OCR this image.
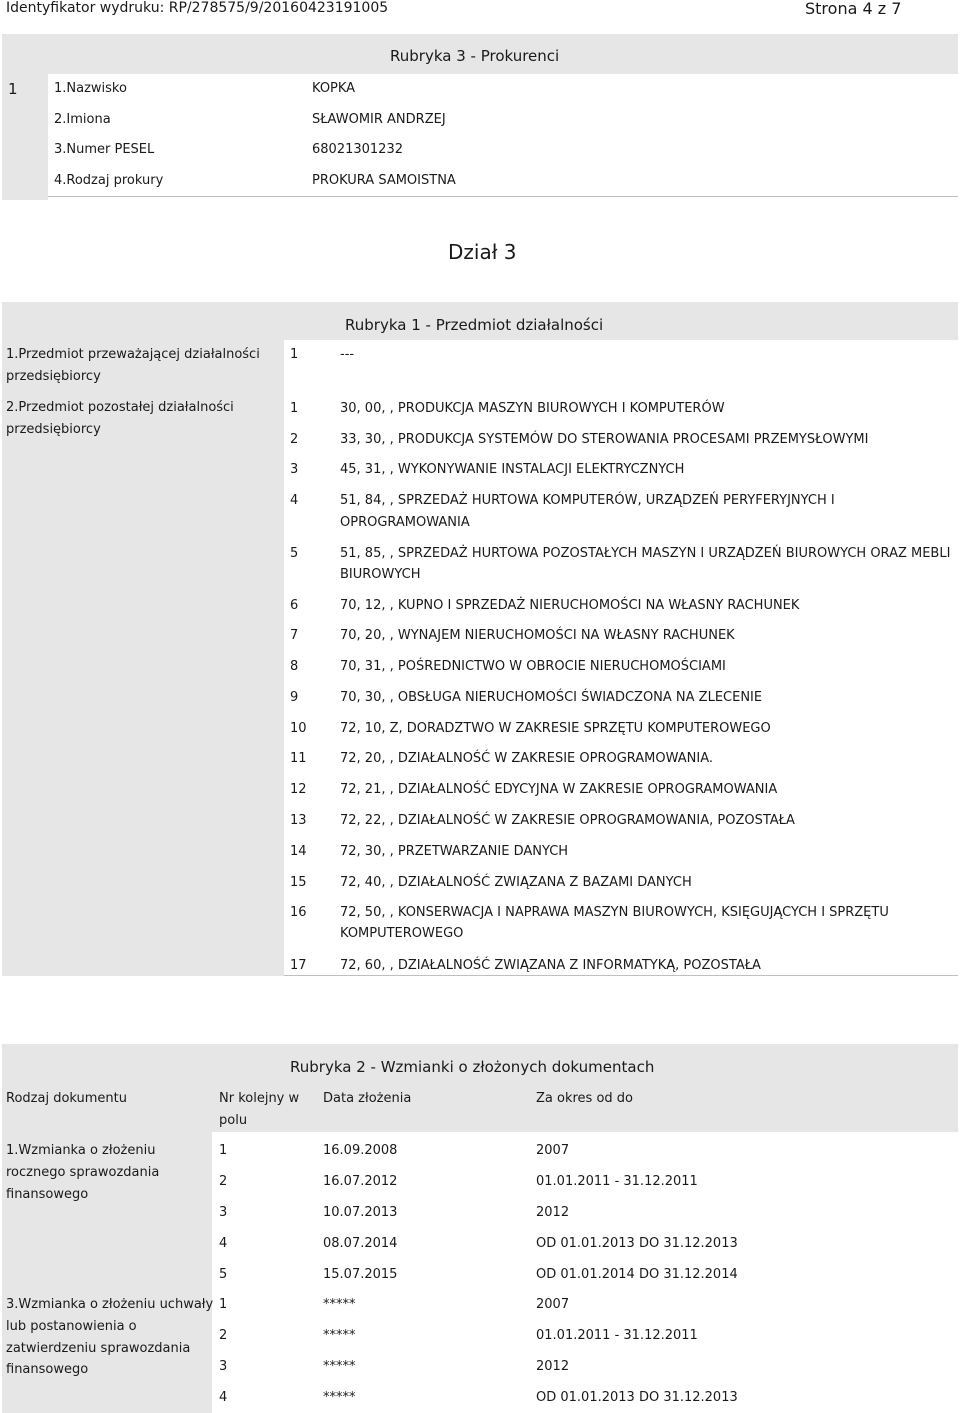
Identyfikator wydruku: RP/278575/9/20160423191005	Strona 4 z 7
Rubryka 3 - Prokurenci
1	1.Nazwisko	KOPKA
2.Imiona	SŁAWOMIR ANDRZEJ
3.Numer PESEL	68021301232
4.Rodzaj prokury	PROKURA SAMOISTNA
Dział 3
Rubryka 1 - Przedmiot działalności
1.Przedmiot przeważającej działalności
przedsiębiorcy
1	---
2.Przedmiot pozostałej działalności
przedsiębiorcy
1	30, 00, , PRODUKCJA MASZYN BIUROWYCH I KOMPUTERÓW
2	33, 30, , PRODUKCJA SYSTEMÓW DO STEROWANIA PROCESAMI PRZEMYSŁOWYMI
3	45, 31, , WYKONYWANIE INSTALACJI ELEKTRYCZNYCH
4	51, 84, , SPRZEDAŻ HURTOWA KOMPUTERÓW, URZĄDZEŃ PERYFERYJNYCH I
OPROGRAMOWANIA
5	51, 85, , SPRZEDAŻ HURTOWA POZOSTAŁYCH MASZYN I URZĄDZEŃ BIUROWYCH ORAZ MEBLI
BIUROWYCH
6	70, 12, , KUPNO I SPRZEDAŻ NIERUCHOMOŚCI NA WŁASNY RACHUNEK
7	70, 20, , WYNAJEM NIERUCHOMOŚCI NA WŁASNY RACHUNEK
8	70, 31, , POŚREDNICTWO W OBROCIE NIERUCHOMOŚCIAMI
9	70, 30, , OBSŁUGA NIERUCHOMOŚCI ŚWIADCZONA NA ZLECENIE
10	72, 10, Z, DORADZTWO W ZAKRESIE SPRZĘTU KOMPUTEROWEGO
11	72, 20, , DZIAŁALNOŚĆ W ZAKRESIE OPROGRAMOWANIA.
12	72, 21, , DZIAŁALNOŚĆ EDYCYJNA W ZAKRESIE OPROGRAMOWANIA
13	72, 22, , DZIAŁALNOŚĆ W ZAKRESIE OPROGRAMOWANIA, POZOSTAŁA
14	72, 30, , PRZETWARZANIE DANYCH
15	72, 40, , DZIAŁALNOŚĆ ZWIĄZANA Z BAZAMI DANYCH
16	72, 50, , KONSERWACJA I NAPRAWA MASZYN BIUROWYCH, KSIĘGUJĄCYCH I SPRZĘTU
KOMPUTEROWEGO
17	72, 60, , DZIAŁALNOŚĆ ZWIĄZANA Z INFORMATYKĄ, POZOSTAŁA
Rubryka 2 - Wzmianki o złożonych dokumentach
Rodzaj dokumentu	Nr kolejny w
polu
Data złożenia	Za okres od do
1.Wzmianka o złożeniu
rocznego sprawozdania
finansowego
1	16.09.2008	2007
2	16.07.2012	01.01.2011 - 31.12.2011
3	10.07.2013	2012
4	08.07.2014	OD 01.01.2013 DO 31.12.2013
5	15.07.2015	OD 01.01.2014 DO 31.12.2014
3.Wzmianka o złożeniu uchwały
lub postanowienia o
zatwierdzeniu sprawozdania
finansowego
1	*****	2007
2	*****	01.01.2011 - 31.12.2011
3	*****	2012
4	*****	OD 01.01.2013 DO 31.12.2013
